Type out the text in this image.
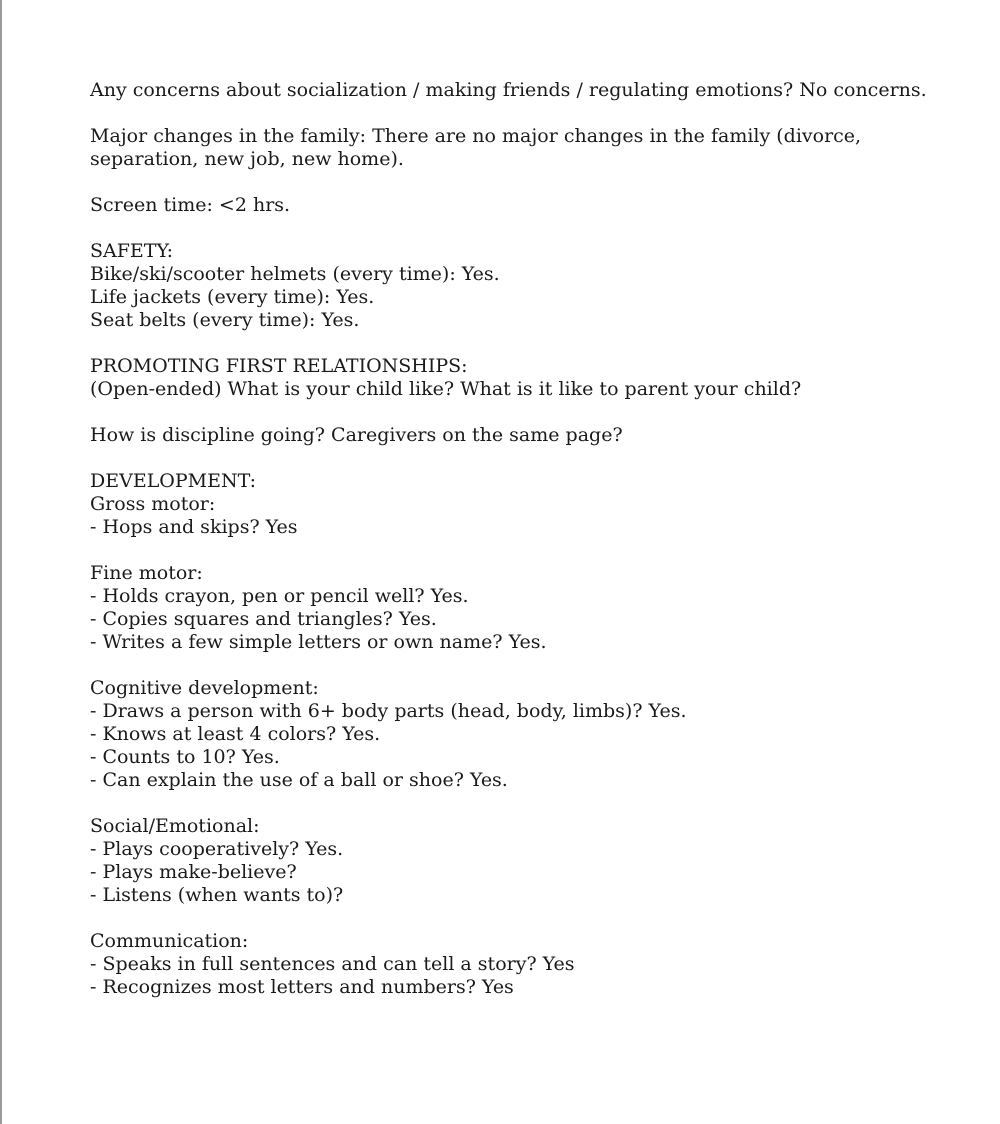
Any concerns about socialization / making friends / regulating emotions? No concerns.
Major changes in the family: There are no major changes in the family (divorce,
separation, new job, new home).
Screen time: <2 hrs.
SAFETY:
Bike/ski/scooter helmets (every time): Yes.
Life jackets (every time): Yes.
Seat belts (every time): Yes.
PROMOTING FIRST RELATIONSHIPS:
(Open-ended) What is your child like? What is it like to parent your child?
How is discipline going? Caregivers on the same page?
DEVELOPMENT:
Gross motor:
- Hops and skips? Yes
Fine motor:
- Holds crayon, pen or pencil well? Yes.
- Copies squares and triangles? Yes.
- Writes a few simple letters or own name? Yes.
Cognitive development:
- Draws a person with 6+ body parts (head, body, limbs)? Yes.
- Knows at least 4 colors? Yes.
- Counts to 10? Yes.
- Can explain the use of a ball or shoe? Yes.
Social/Emotional:
- Plays cooperatively? Yes.
- Plays make-believe?
- Listens (when wants to)?
Communication:
- Speaks in full sentences and can tell a story? Yes
- Recognizes most letters and numbers? Yes
